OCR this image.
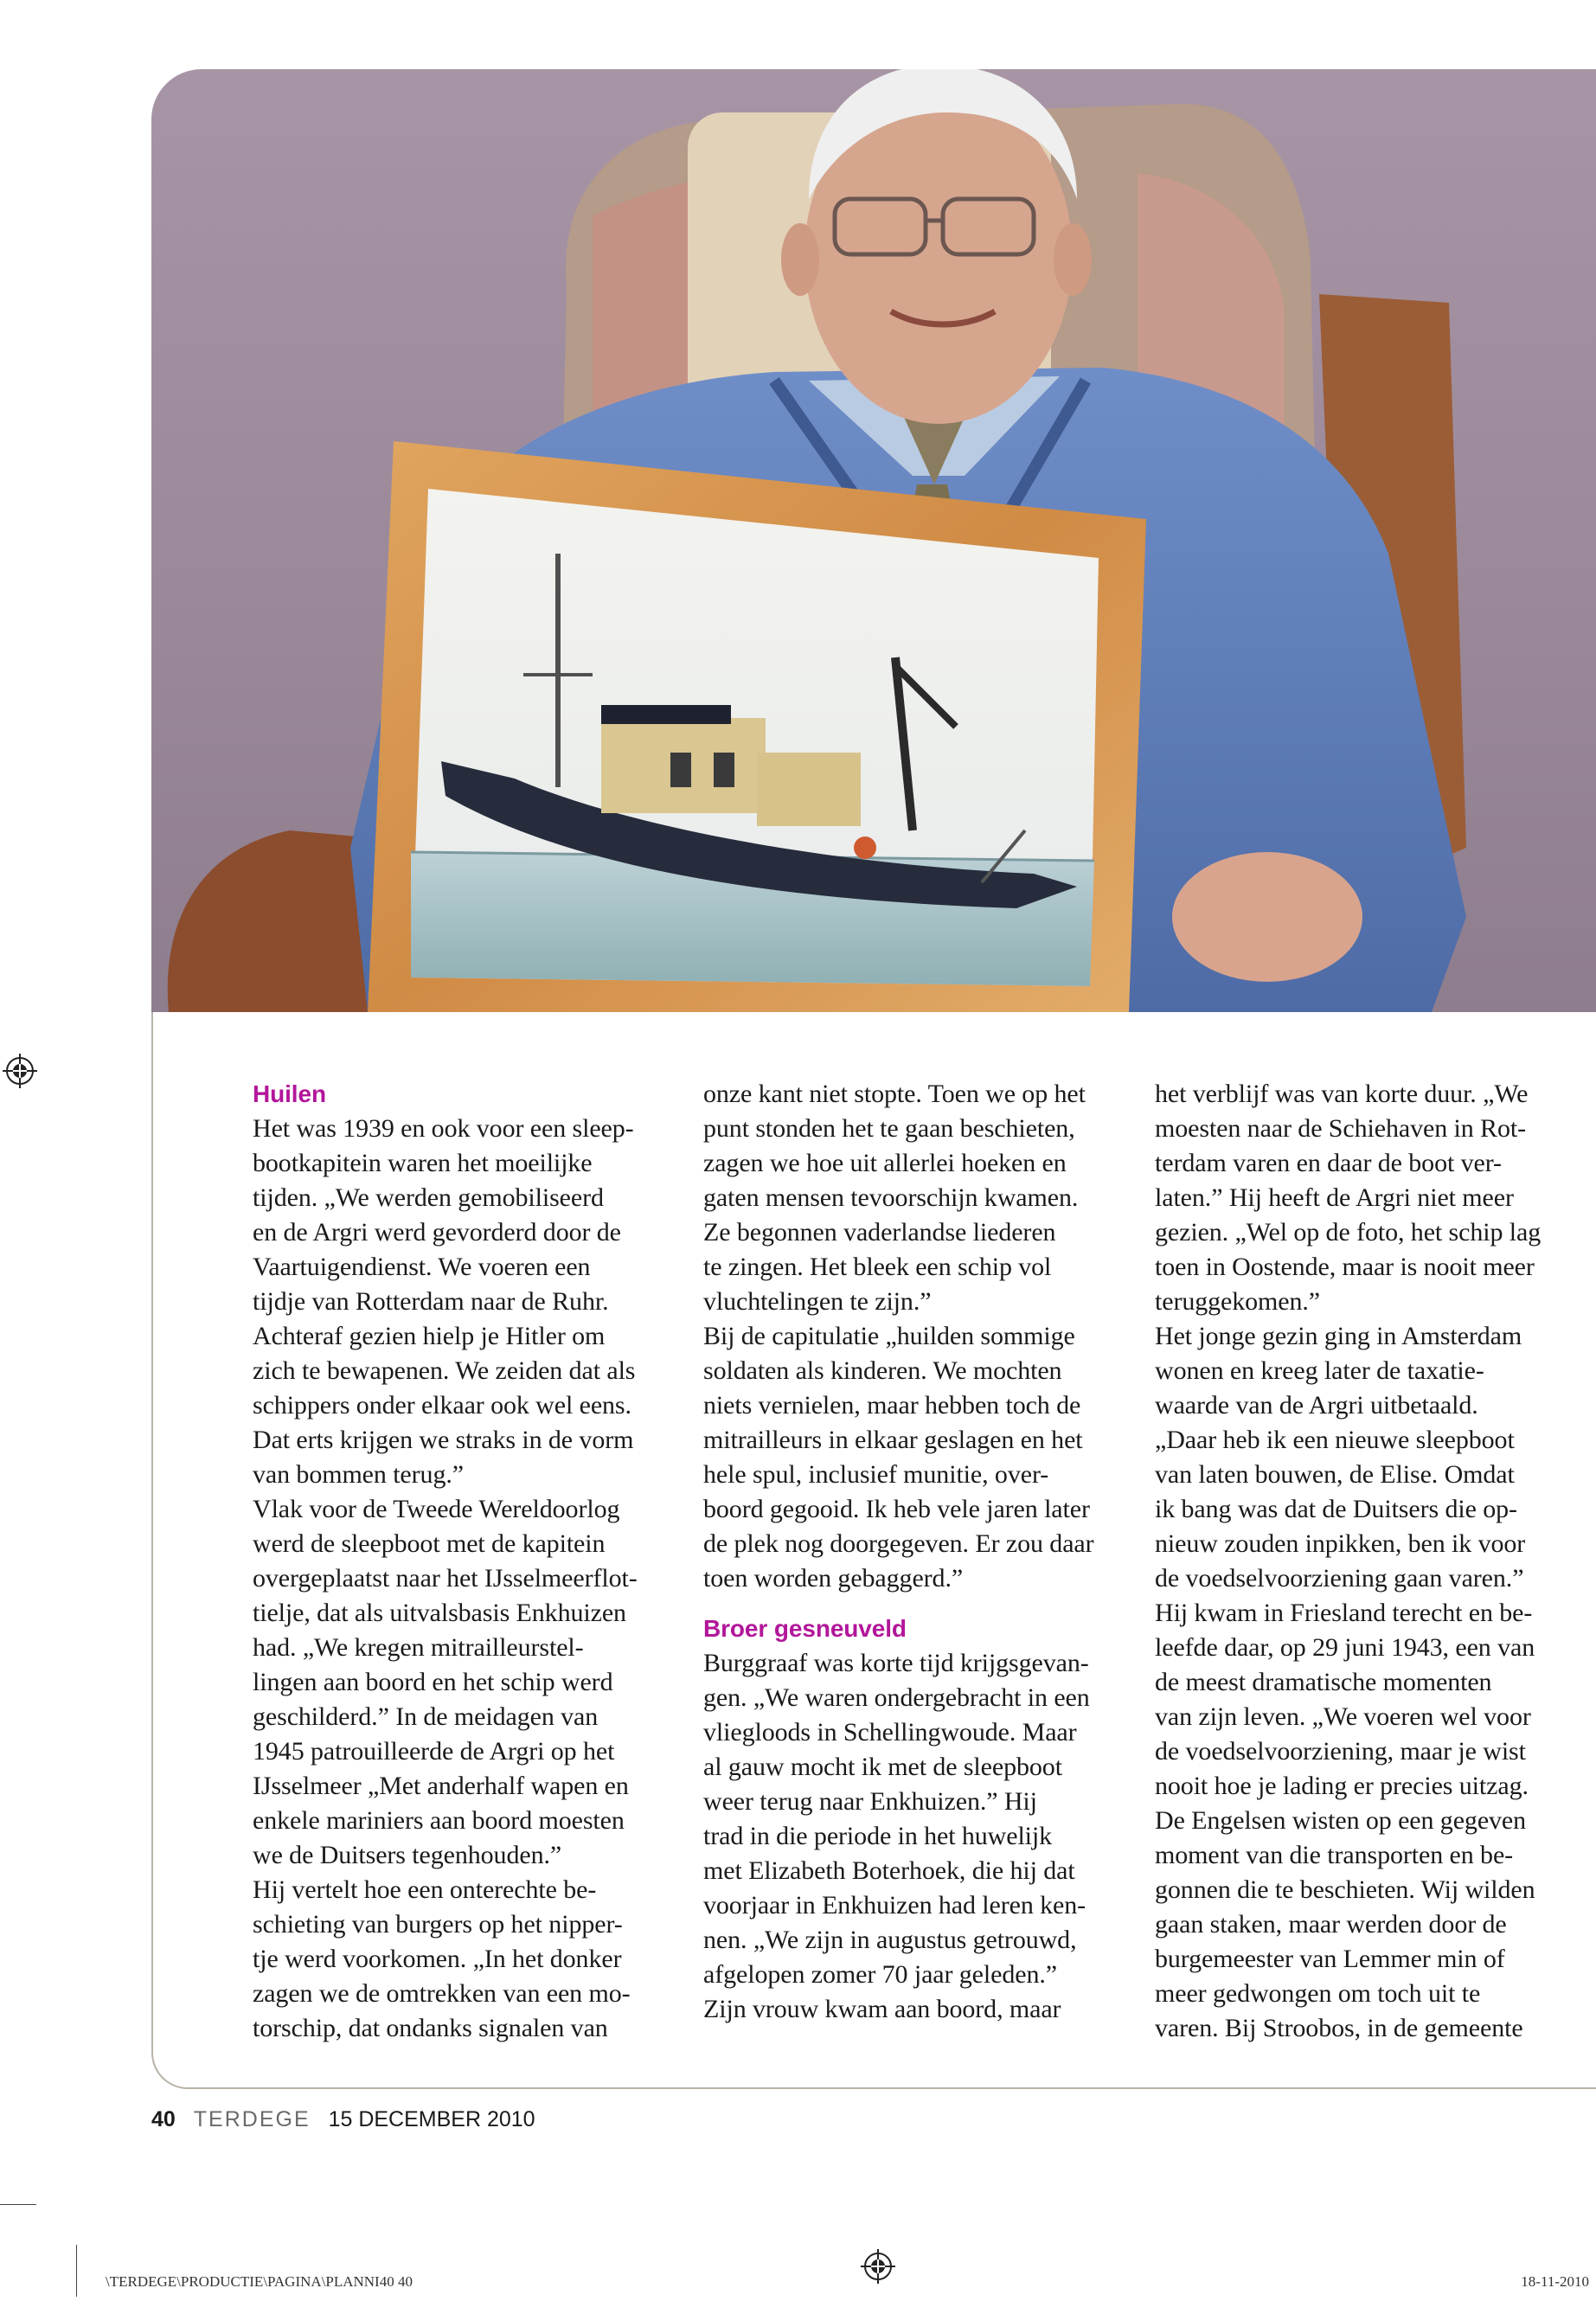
Huilen

Het was 1939 en ook voor een sleep-
bootkapitein waren het moeilijke
tijden. „We werden gemobiliseerd
en de Argri werd gevorderd door de
Vaartuigendienst. We voeren een
tijdje van Rotterdam naar de Ruhr.
Achteraf gezien hielp je Hitler om
zich te bewapenen. We zeiden dat als
schippers onder elkaar ook wel eens.
Dat erts krijgen we straks in de vorm
van bommen terug.”
Vlak voor de Tweede Wereldoorlog
werd de sleepboot met de kapitein
overgeplaatst naar het IJsselmeerflot-
tielje, dat als uitvalsbasis Enkhuizen
had. „We kregen mitrailleurstel-
lingen aan boord en het schip werd
geschilderd.” In de meidagen van
1945 patrouilleerde de Argri op het
IJsselmeer „Met anderhalf wapen en
enkele mariniers aan boord moesten
we de Duitsers tegenhouden.”
Hij vertelt hoe een onterechte be-
schieting van burgers op het nipper-
tje werd voorkomen. „In het donker
zagen we de omtrekken van een mo-
torschip, dat ondanks signalen van

onze kant niet stopte. Toen we op het
punt stonden het te gaan beschieten,
zagen we hoe uit allerlei hoeken en
gaten mensen tevoorschijn kwamen.
Ze begonnen vaderlandse liederen
te zingen. Het bleek een schip vol
vluchtelingen te zijn.”
Bij de capitulatie „huilden sommige
soldaten als kinderen. We mochten
niets vernielen, maar hebben toch de
mitrailleurs in elkaar geslagen en het
hele spul, inclusief munitie, over-
boord gegooid. Ik heb vele jaren later
de plek nog doorgegeven. Er zou daar
toen worden gebaggerd.”

Broer gesneuveld

Burggraaf was korte tijd krijgsgevan-
gen. „We waren ondergebracht in een
vliegloods in Schellingwoude. Maar
al gauw mocht ik met de sleepboot
weer terug naar Enkhuizen.” Hij
trad in die periode in het huwelijk
met Elizabeth Boterhoek, die hij dat
voorjaar in Enkhuizen had leren ken-
nen. „We zijn in augustus getrouwd,
afgelopen zomer 70 jaar geleden.”
Zijn vrouw kwam aan boord, maar

het verblijf was van korte duur. „We
moesten naar de Schiehaven in Rot-
terdam varen en daar de boot ver-
laten.” Hij heeft de Argri niet meer
gezien. „Wel op de foto, het schip lag
toen in Oostende, maar is nooit meer
teruggekomen.”
Het jonge gezin ging in Amsterdam
wonen en kreeg later de taxatie-
waarde van de Argri uitbetaald.
„Daar heb ik een nieuwe sleepboot
van laten bouwen, de Elise. Omdat
ik bang was dat de Duitsers die op-
nieuw zouden inpikken, ben ik voor
de voedselvoorziening gaan varen.”
Hij kwam in Friesland terecht en be-
leefde daar, op 29 juni 1943, een van
de meest dramatische momenten
van zijn leven. „We voeren wel voor
de voedselvoorziening, maar je wist
nooit hoe je lading er precies uitzag.
De Engelsen wisten op een gegeven
moment van die transporten en be-
gonnen die te beschieten. Wij wilden
gaan staken, maar werden door de
burgemeester van Lemmer min of
meer gedwongen om toch uit te
varen. Bij Stroobos, in de gemeente

40 TERDEGE 15 DECEMBER 2010
\TERDEGE\PRODUCTIE\PAGINA\PLANNI40 40	18-11-2010
